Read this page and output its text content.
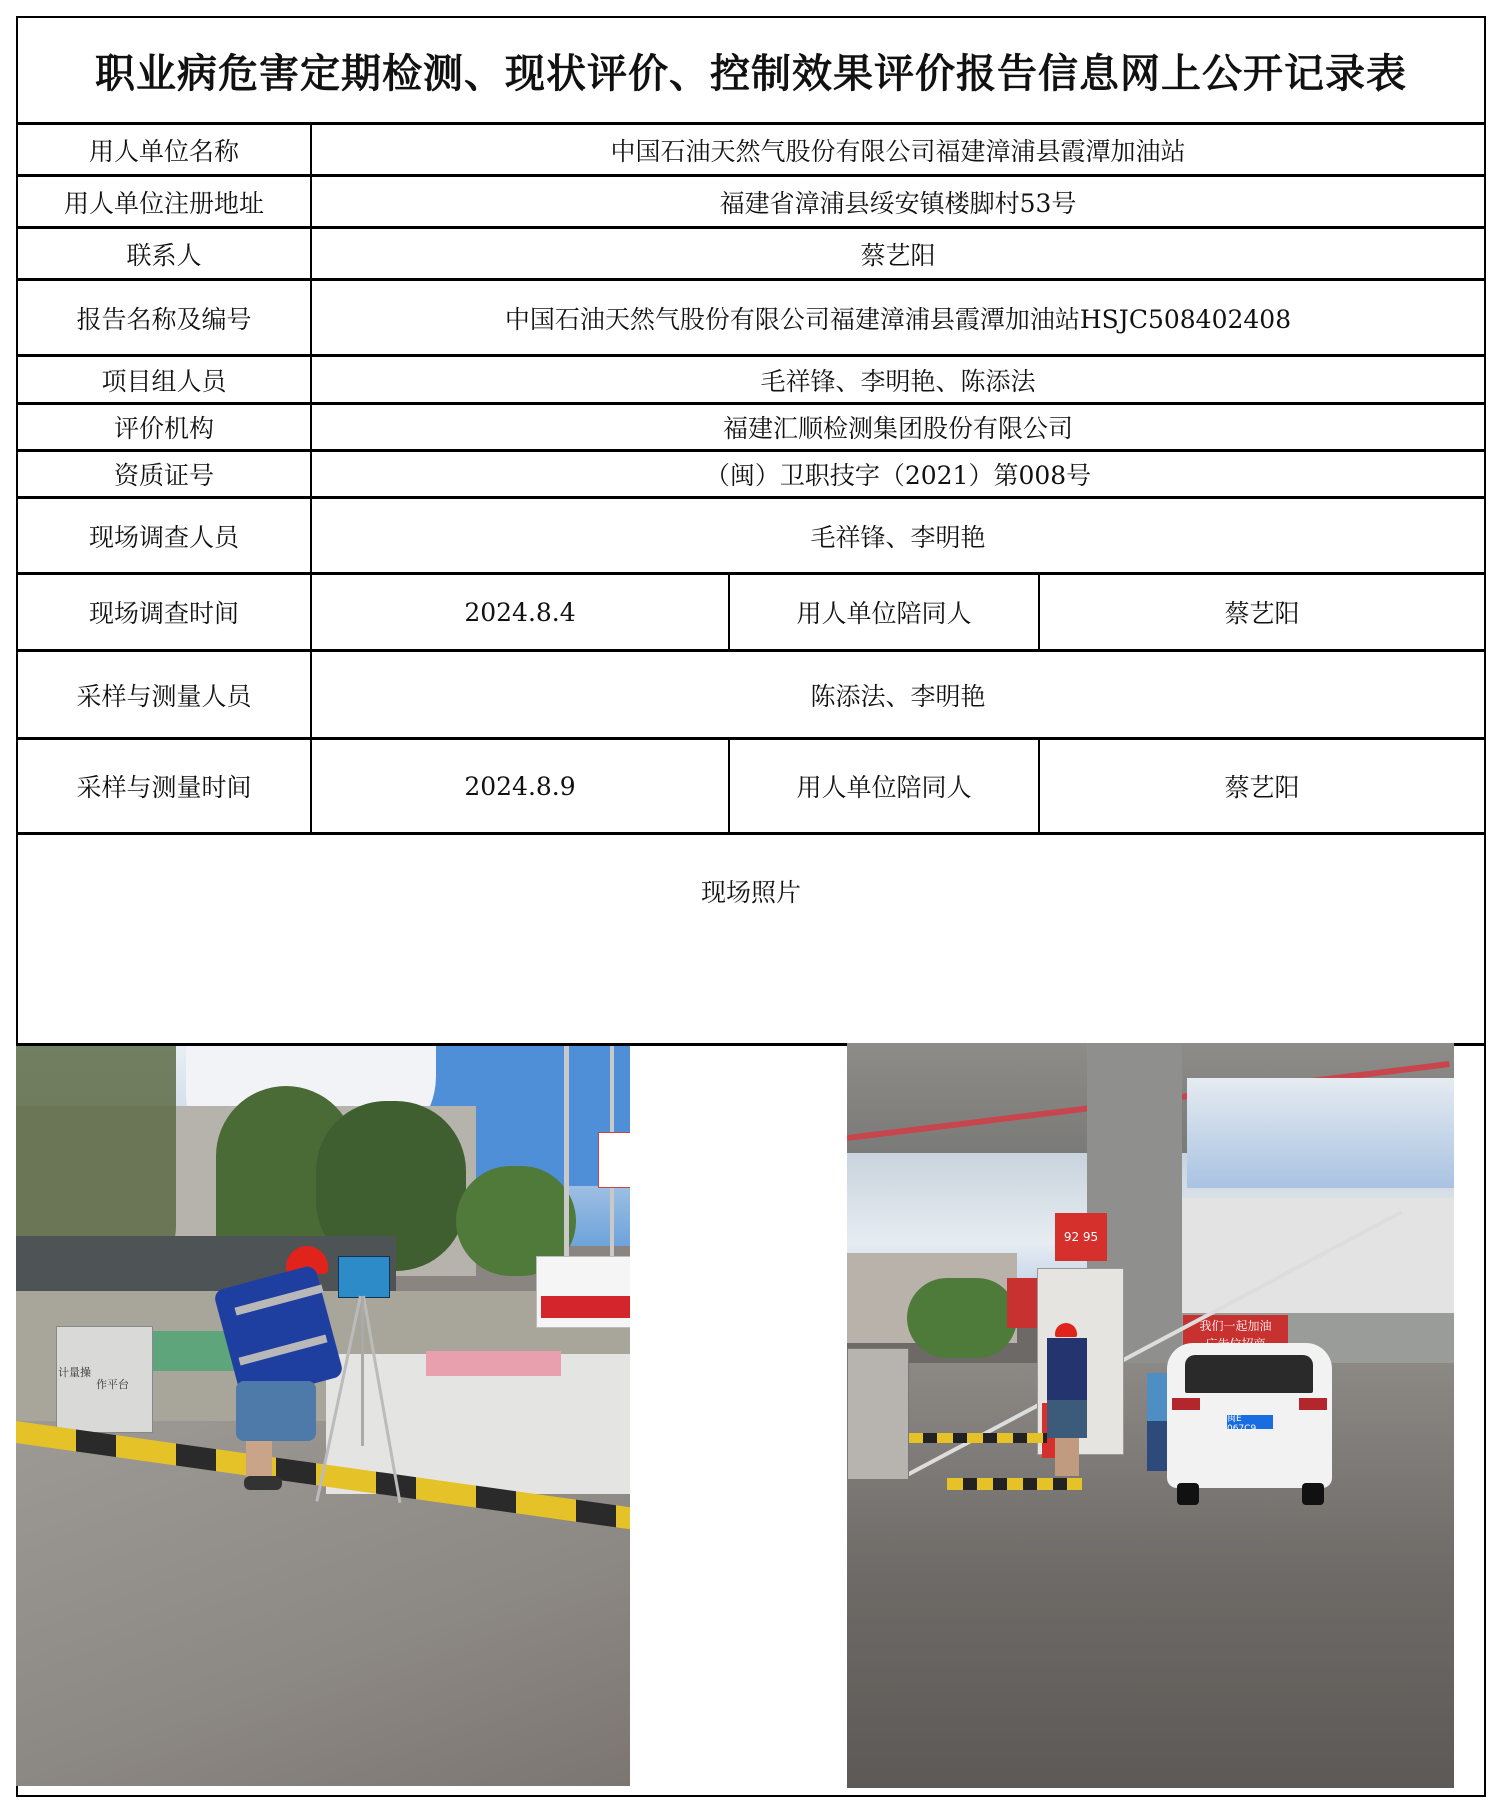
职业病危害定期检测、现状评价、控制效果评价报告信息网上公开记录表
用人单位名称	中国石油天然气股份有限公司福建漳浦县霞潭加油站
用人单位注册地址	福建省漳浦县绥安镇楼脚村53号
联系人	蔡艺阳
报告名称及编号	中国石油天然气股份有限公司福建漳浦县霞潭加油站HSJC508402408
项目组人员	毛祥锋、李明艳、陈添法
评价机构	福建汇顺检测集团股份有限公司
资质证号	（闽）卫职技字（2021）第008号
现场调查人员	毛祥锋、李明艳
现场调查时间	2024.8.4	用人单位陪同人	蔡艺阳
采样与测量人员	陈添法、李明艳
采样与测量时间	2024.8.9	用人单位陪同人	蔡艺阳
现场照片
计量操
作平台
我们一起加油
92 95
闽E 067C9
